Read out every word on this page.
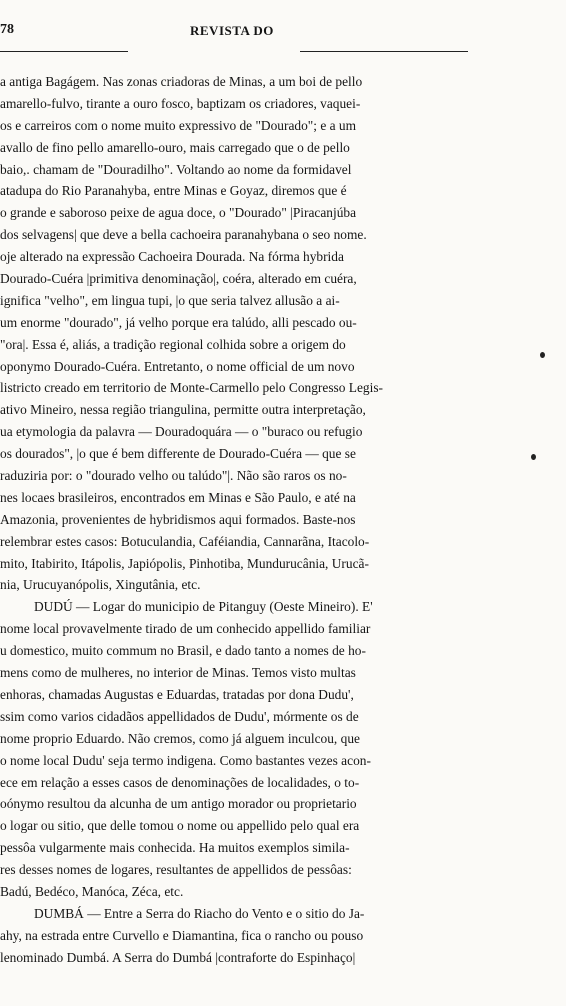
78	REVISTA DO
a antiga Bagágem. Nas zonas criadoras de Minas, a um boi de pello
amarello-fulvo, tirante a ouro fosco, baptizam os criadores, vaquei-
os e carreiros com o nome muito expressivo de "Dourado"; e a um
avallo de fino pello amarello-ouro, mais carregado que o de pello
baio,. chamam de "Douradilho". Voltando ao nome da formidavel
atadupa do Rio Paranahyba, entre Minas e Goyaz, diremos que é
o grande e saboroso peixe de agua doce, o "Dourado" |Piracanjúba
dos selvagens| que deve a bella cachoeira paranahybana o seo nome.
oje alterado na expressão Cachoeira Dourada. Na fórma hybrida
Dourado-Cuéra |primitiva denominação|, coéra, alterado em cuéra,
ignifica "velho", em lingua tupi, |o que seria talvez allusão a ai-
um enorme "dourado", já velho porque era talúdo, alli pescado ou-
"ora|. Essa é, aliás, a tradição regional colhida sobre a origem do
oponymo Dourado-Cuéra. Entretanto, o nome official de um novo
listricto creado em territorio de Monte-Carmello pelo Congresso Legis-
ativo Mineiro, nessa região triangulina, permitte outra interpretação,
ua etymologia da palavra — Douradoquára — o "buraco ou refugio
os dourados", |o que é bem differente de Dourado-Cuéra — que se
raduziria por: o "dourado velho ou talúdo"|. Não são raros os no-
nes locaes brasileiros, encontrados em Minas e São Paulo, e até na
Amazonia, provenientes de hybridismos aqui formados. Baste-nos
relembrar estes casos: Botuculandia, Caféiandia, Cannarãna, Itacolo-
mito, Itabirito, Itápolis, Japiópolis, Pinhotiba, Mundurucânia, Urucã-
nia, Urucuyanópolis, Xingutânia, etc.
DUDÚ — Logar do municipio de Pitanguy (Oeste Mineiro). E'
nome local provavelmente tirado de um conhecido appellido familiar
u domestico, muito commum no Brasil, e dado tanto a nomes de ho-
mens como de mulheres, no interior de Minas. Temos visto multas
enhoras, chamadas Augustas e Eduardas, tratadas por dona Dudu',
ssim como varios cidadãos appellidados de Dudu', mórmente os de
nome proprio Eduardo. Não cremos, como já alguem inculcou, que
o nome local Dudu' seja termo indigena. Como bastantes vezes acon-
ece em relação a esses casos de denominações de localidades, o to-
oónymo resultou da alcunha de um antigo morador ou proprietario
o logar ou sitio, que delle tomou o nome ou appellido pelo qual era
pessôa vulgarmente mais conhecida. Ha muitos exemplos simila-
res desses nomes de logares, resultantes de appellidos de pessôas:
Badú, Bedéco, Manóca, Zéca, etc.
DUMBÁ — Entre a Serra do Riacho do Vento e o sitio do Ja-
ahy, na estrada entre Curvello e Diamantina, fica o rancho ou pouso
lenominado Dumbá. A Serra do Dumbá |contraforte do Espinhaço|
